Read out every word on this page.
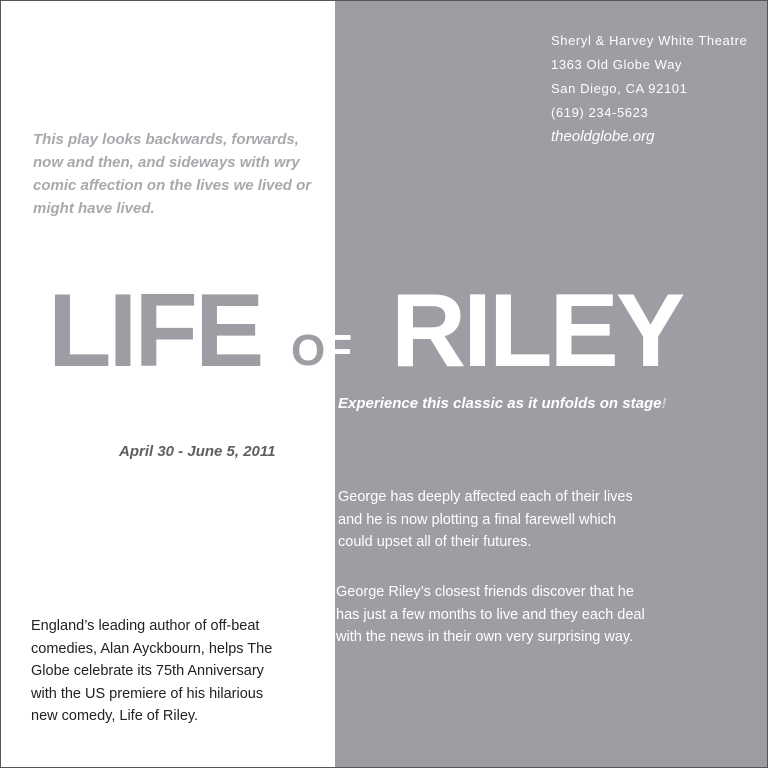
Sheryl & Harvey White Theatre
1363 Old Globe Way
San Diego, CA 92101
(619) 234-5623
theoldglobe.org
This play looks backwards, forwards, now and then, and sideways with wry comic affection on the lives we lived or might have lived.
LIFE OF RILEY
Experience this classic as it unfolds on stage!
April 30 - June 5, 2011
George has deeply affected each of their lives
and he is now plotting a final farewell which
could upset all of their futures.
George Riley’s closest friends discover that he
has just a few months to live and they each deal
with the news in their own very surprising way.
England’s leading author of off-beat
comedies, Alan Ayckbourn, helps The
Globe celebrate its 75th Anniversary
with the US premiere of his hilarious
new comedy, Life of Riley.
